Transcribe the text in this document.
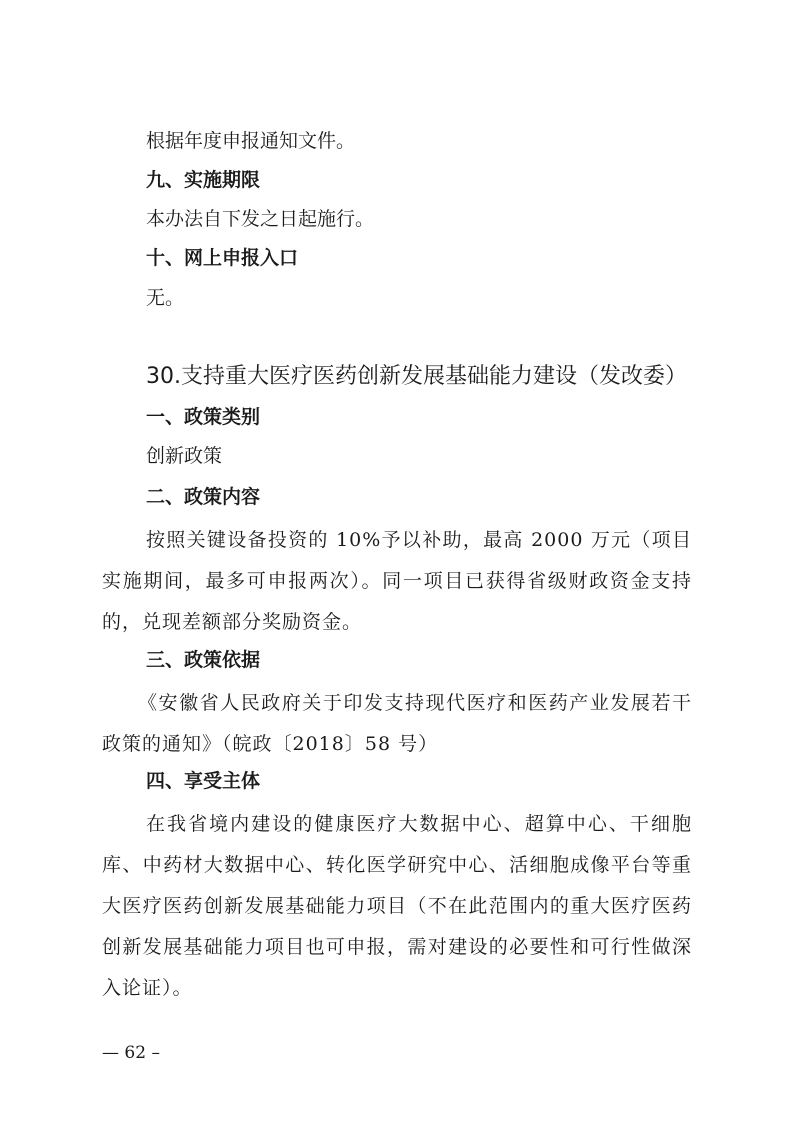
根据年度申报通知文件。
九、实施期限
本办法自下发之日起施行。
十、网上申报入口
无。
30.支持重大医疗医药创新发展基础能力建设（发改委）
一、政策类别
创新政策
二、政策内容
按照关键设备投资的 10%予以补助，最高 2000 万元（项目实施期间，最多可申报两次）。同一项目已获得省级财政资金支持的，兑现差额部分奖励资金。
三、政策依据
《安徽省人民政府关于印发支持现代医疗和医药产业发展若干政策的通知》（皖政〔2018〕58 号）
四、享受主体
在我省境内建设的健康医疗大数据中心、超算中心、干细胞库、中药材大数据中心、转化医学研究中心、活细胞成像平台等重大医疗医药创新发展基础能力项目（不在此范围内的重大医疗医药创新发展基础能力项目也可申报，需对建设的必要性和可行性做深入论证）。
— 62 –
